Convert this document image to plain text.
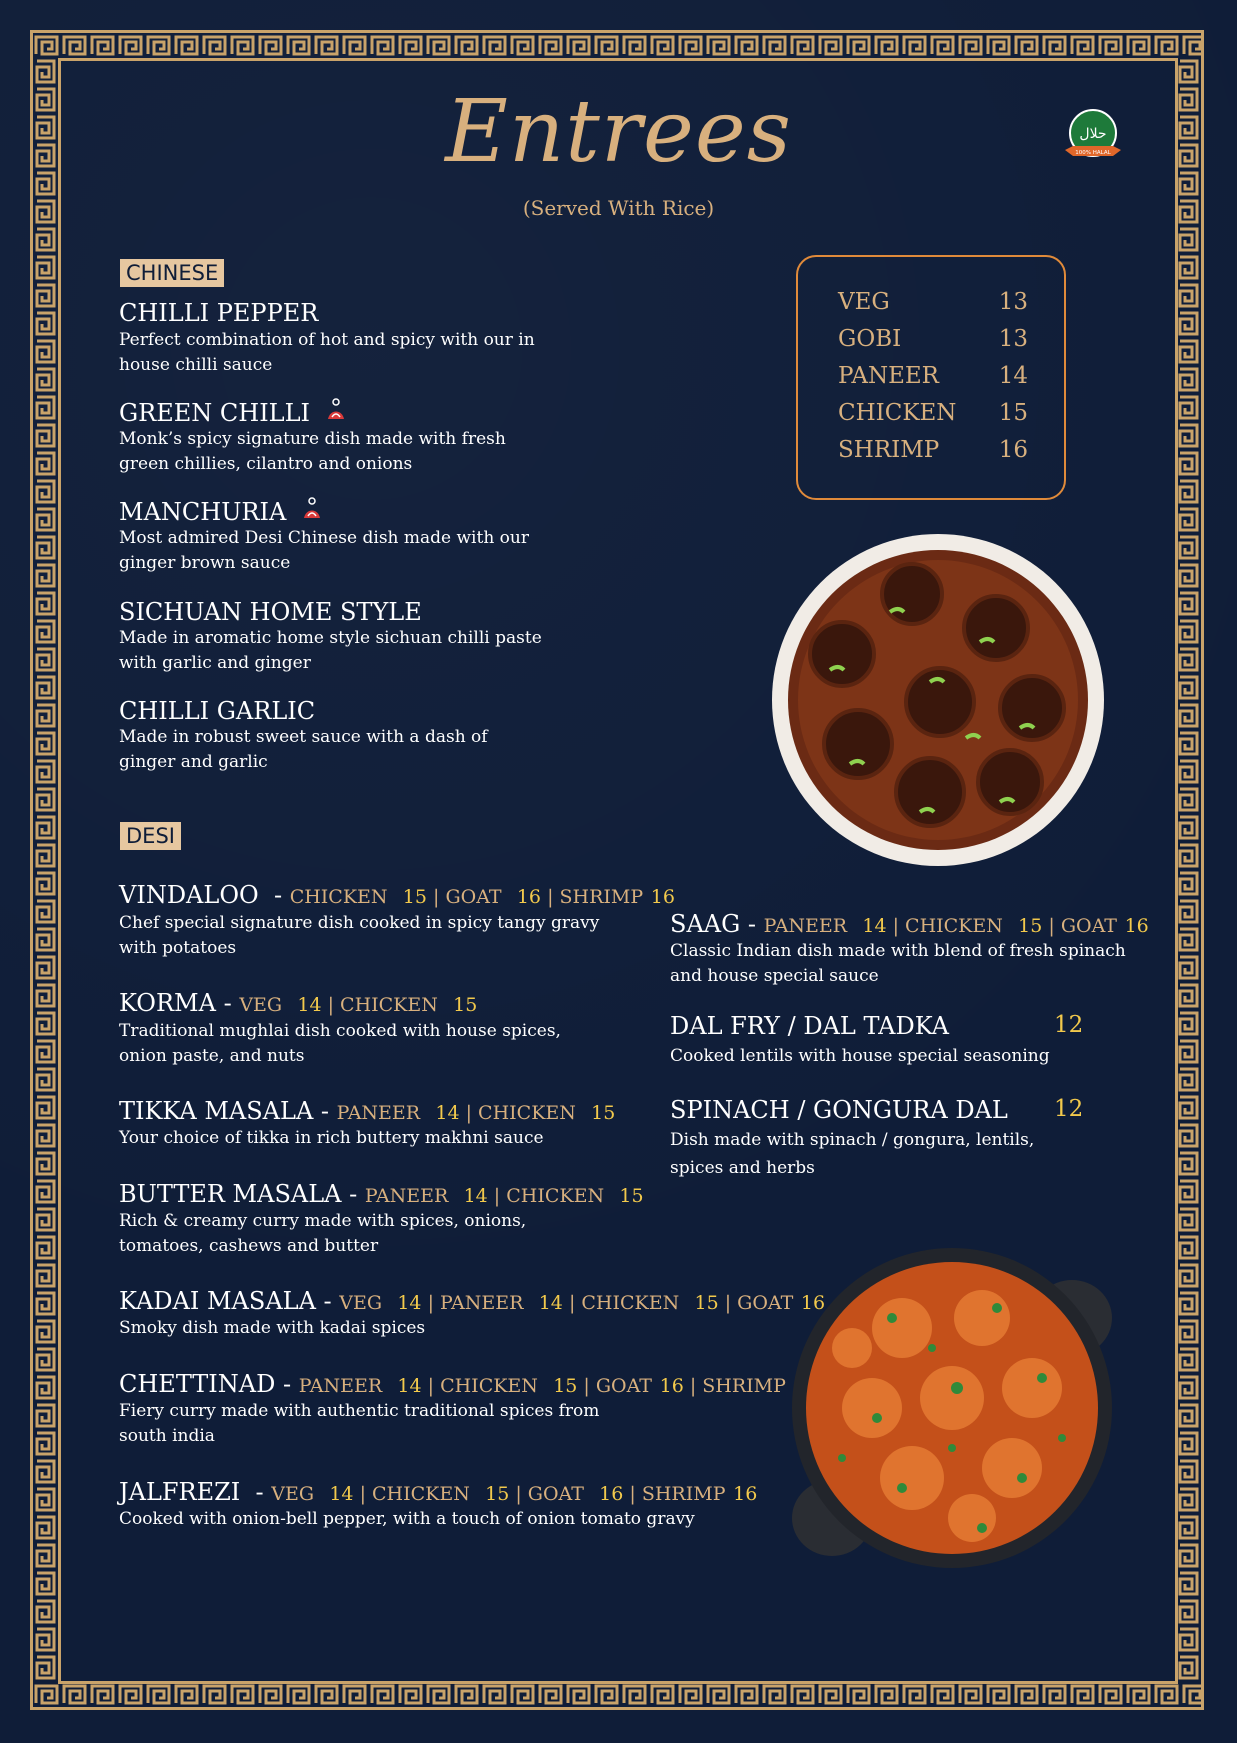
Entrees
(Served With Rice)
حلال
100% HALAL
CHINESE
CHILLI PEPPER
Perfect combination of hot and spicy with our in
house chilli sauce
GREEN CHILLI
Monk’s spicy signature dish made with fresh
green chillies, cilantro and onions
MANCHURIA
Most admired Desi Chinese dish made with our
ginger brown sauce
SICHUAN HOME STYLE
Made in aromatic home style sichuan chilli paste
with garlic and ginger
CHILLI GARLIC
Made in robust sweet sauce with a dash of
ginger and garlic
VEG	13
GOBI	13
PANEER	14
CHICKEN 15
SHRIMP	16
DESI
VINDALOO  - CHICKEN 15 | GOAT 16 | SHRIMP 16
Chef special signature dish cooked in spicy tangy gravy
with potatoes
KORMA - VEG 14 | CHICKEN 15
Traditional mughlai dish cooked with house spices,
onion paste, and nuts
TIKKA MASALA - PANEER 14 | CHICKEN 15
Your choice of tikka in rich buttery makhni sauce
BUTTER MASALA - PANEER 14 | CHICKEN 15
Rich & creamy curry made with spices, onions,
tomatoes, cashews and butter
KADAI MASALA - VEG 14 | PANEER 14 | CHICKEN 15 | GOAT 16
Smoky dish made with kadai spices
CHETTINAD - PANEER 14 | CHICKEN 15 | GOAT 16 | SHRIMP
Fiery curry made with authentic traditional spices from
south india
JALFREZI  - VEG 14 | CHICKEN 15 | GOAT 16 | SHRIMP 16
Cooked with onion-bell pepper, with a touch of onion tomato gravy
SAAG - PANEER 14 | CHICKEN 15 | GOAT 16
Classic Indian dish made with blend of fresh spinach
and house special sauce
DAL FRY / DAL TADKA	12
Cooked lentils with house special seasoning
SPINACH / GONGURA DAL 12
Dish made with spinach / gongura, lentils,
spices and herbs
